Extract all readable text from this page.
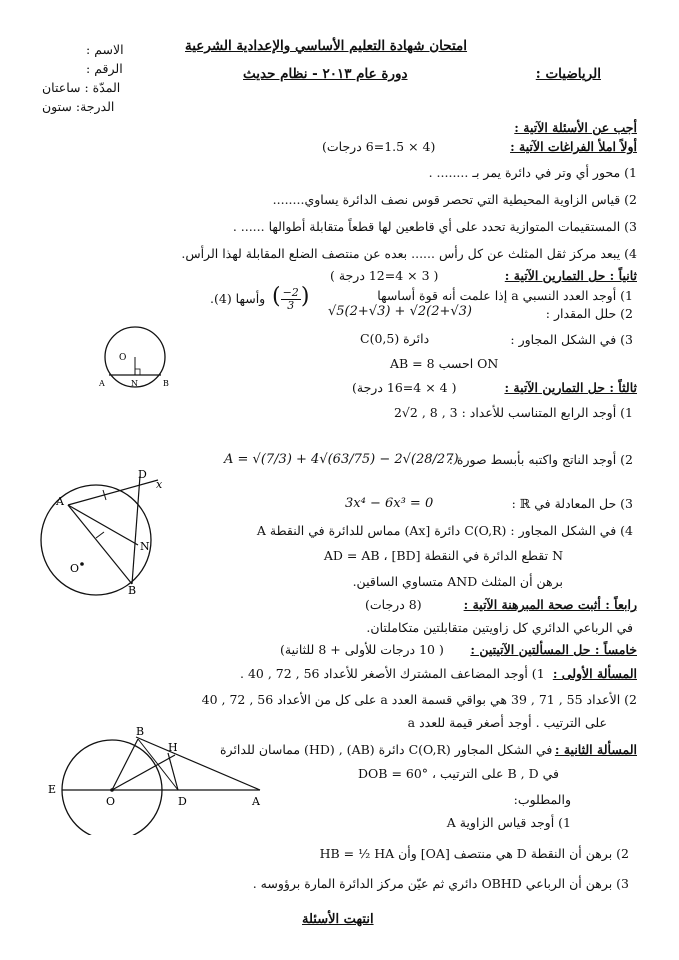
امتحان شهادة التعليم الأساسي والإعدادية الشرعية
دورة عام ٢٠١٣ - نظام حديث	الرياضيات :
الاسم :
الرقم :
المدّة : ساعتان
الدرجة: ستون
أجب عن الأسئلة الآتية :
أولاً املأ الفراغات الآتية :
(4 × 1.5=6 درجات)
1) محور أي وتر في دائرة يمر بـ ........ .
2) قياس الزاوية المحيطية التي تحصر قوس نصف الدائرة يساوي........
3) المستقيمات المتوازية تحدد على أي قاطعين لها قطعاً متقابلة أطوالها ...... .
4) يبعد مركز ثقل المثلث عن كل رأس ...... بعده عن منتصف الضلع المقابلة لهذا الرأس.
ثانياً : حل التمارين الآتية :
( 3 × 4=12 درجة )
1) أوجد العدد النسبي a إذا علمت أنه قوة أساسها
( $\frac{-2}{3}$ )
وأسها (4).
2) حلل المقدار :
√5(2+√3) + √2(2+√3)
3) في الشكل المجاور :
دائرة C(0,5)
ON احسب AB = 8
O
A	N	B	ثالثاً : حل التمارين الآتية :
( 4 × 4=16 درجة)
1) أوجد الرابع المتناسب للأعداد : 3 , 8 , 2√2
2) أوجد الناتج واكتبه بأبسط صورة :
A = √(7/3) + 4√(63/75) − 2√(28/27)
3) حل المعادلة في ℝ :
3x⁴ − 6x³ = 0
4) في الشكل المجاور : C(O,R) دائرة [Ax) مماس للدائرة في النقطة A
N تقطع الدائرة في النقطة [BD] ، AD = AB
برهن أن المثلث AND متساوي الساقين.
D
x
A
N
O
B
رابعاً : أثبت صحة المبرهنة الآتية :
(8 درجات)
في الرباعي الدائري كل زاويتين متقابلتين متكاملتان.
خامساً : حل المسألتين الآتيتين :
( 10 درجات للأولى + 8 للثانية)
المسألة الأولى :
1) أوجد المضاعف المشترك الأصغر للأعداد 56 , 72 , 40 .
2) الأعداد 55 , 71 , 39 هي بواقي قسمة العدد a على كل من الأعداد 56 , 72 , 40
على الترتيب . أوجد أصغر قيمة للعدد a
المسألة الثانية :
في الشكل المجاور C(O,R) دائرة (AB) , (HD) مماسان للدائرة
في B , D على الترتيب ، DOB = 60°
والمطلوب:
1) أوجد قياس الزاوية A
2) برهن أن النقطة D هي منتصف [OA] وأن HB = ½ HA
3) برهن أن الرباعي OBHD دائري ثم عيّن مركز الدائرة المارة برؤوسه .
B
H
E
O	D	A
انتهت الأسئلة
